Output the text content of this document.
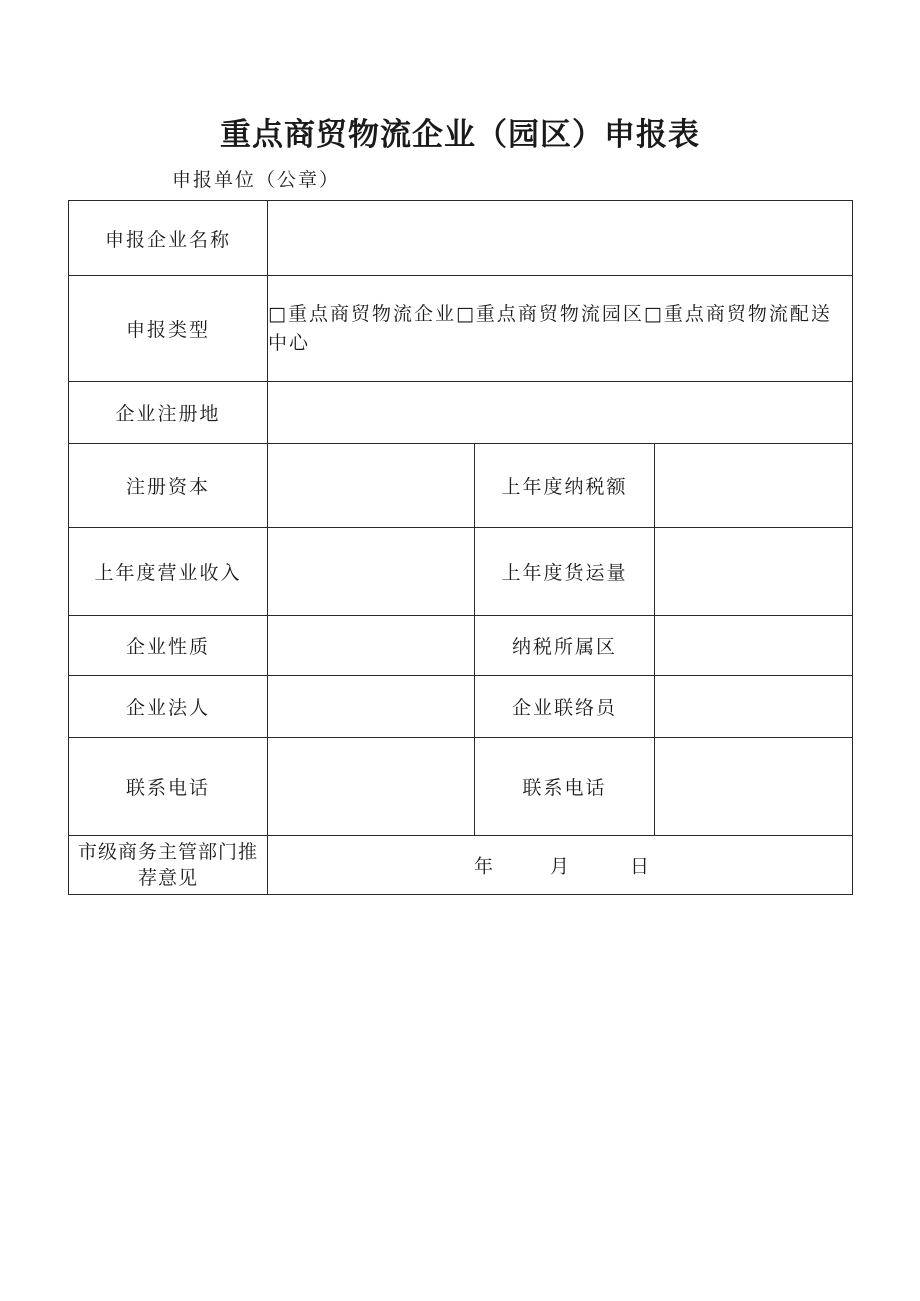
重点商贸物流企业（园区）申报表
申报单位（公章）
申报企业名称			
申报类型	□重点商贸物流企业□重点商贸物流园区□重点商贸物流配送中心		
企业注册地			
注册资本		上年度纳税额	
上年度营业收入		上年度货运量	
企业性质		纳税所属区	
企业法人		企业联络员	
联系电话		联系电话	
市级商务主管部门推荐意见	年 月 日		
